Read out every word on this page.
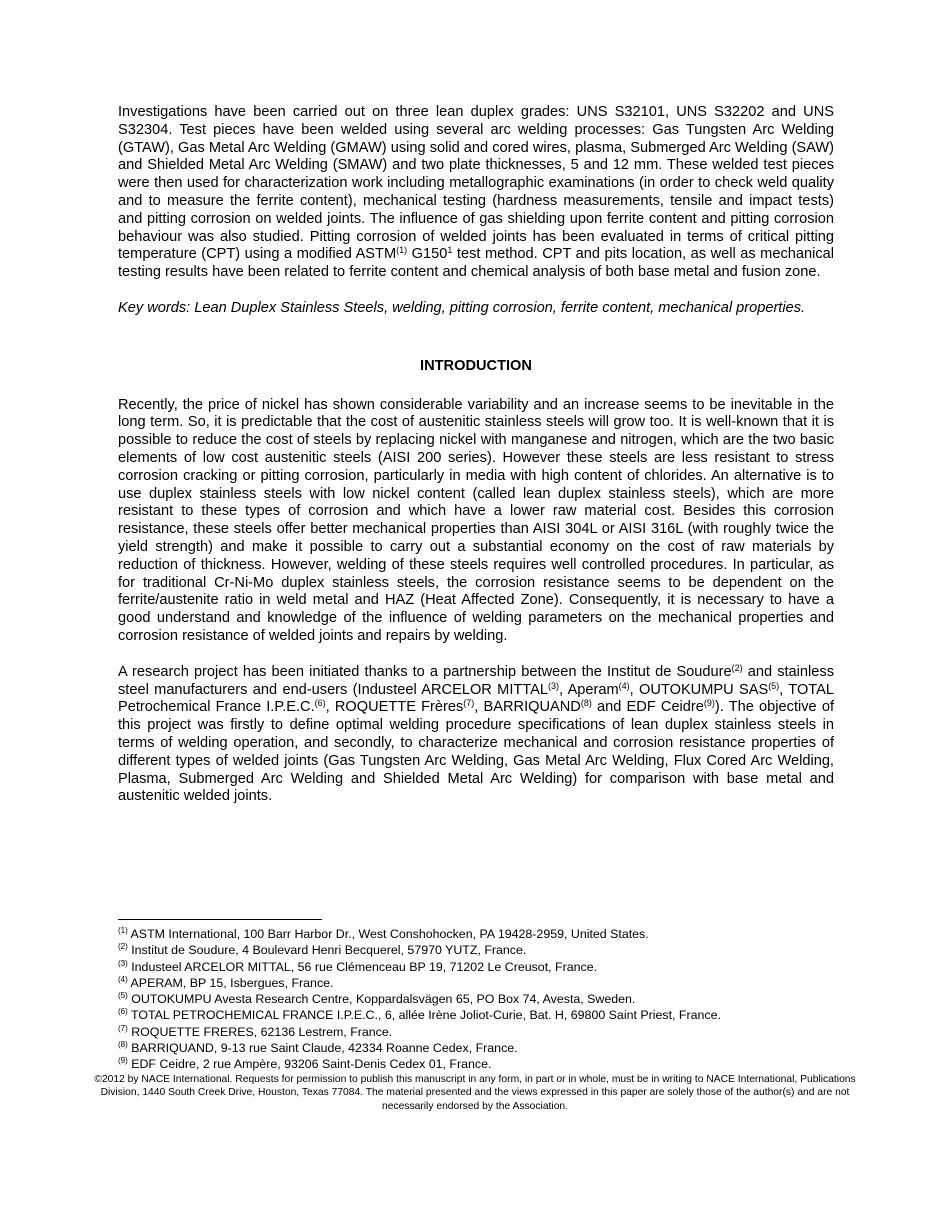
Investigations have been carried out on three lean duplex grades: UNS S32101, UNS S32202 and UNS S32304. Test pieces have been welded using several arc welding processes: Gas Tungsten Arc Welding (GTAW), Gas Metal Arc Welding (GMAW) using solid and cored wires, plasma, Submerged Arc Welding (SAW) and Shielded Metal Arc Welding (SMAW) and two plate thicknesses, 5 and 12 mm. These welded test pieces were then used for characterization work including metallographic examinations (in order to check weld quality and to measure the ferrite content), mechanical testing (hardness measurements, tensile and impact tests) and pitting corrosion on welded joints. The influence of gas shielding upon ferrite content and pitting corrosion behaviour was also studied. Pitting corrosion of welded joints has been evaluated in terms of critical pitting temperature (CPT) using a modified ASTM$^{(1)}$ $G150^1$ test method. CPT and pits location, as well as mechanical testing results have been related to ferrite content and chemical analysis of both base metal and fusion zone.

Key words: Lean Duplex Stainless Steels, welding, pitting corrosion, ferrite content, mechanical properties.

INTRODUCTION

Recently, the price of nickel has shown considerable variability and an increase seems to be inevitable in the long term. So, it is predictable that the cost of austenitic stainless steels will grow too. It is well-known that it is possible to reduce the cost of steels by replacing nickel with manganese and nitrogen, which are the two basic elements of low cost austenitic steels (AISI 200 series). However these steels are less resistant to stress corrosion cracking or pitting corrosion, particularly in media with high content of chlorides. An alternative is to use duplex stainless steels with low nickel content (called lean duplex stainless steels), which are more resistant to these types of corrosion and which have a lower raw material cost. Besides this corrosion resistance, these steels offer better mechanical properties than AISI 304L or AISI 316L (with roughly twice the yield strength) and make it possible to carry out a substantial economy on the cost of raw materials by reduction of thickness. However, welding of these steels requires well controlled procedures. In particular, as for traditional Cr-Ni-Mo duplex stainless steels, the corrosion resistance seems to be dependent on the ferrite/austenite ratio in weld metal and HAZ (Heat Affected Zone). Consequently, it is necessary to have a good understand and knowledge of the influence of welding parameters on the mechanical properties and corrosion resistance of welded joints and repairs by welding.

A research project has been initiated thanks to a partnership between the Institut de Soudure$^{(2)}$ and stainless steel manufacturers and end-users (Industeel ARCELOR MITTAL$^{(3)}$, Aperam$^{(4)}$, OUTOKUMPU SAS$^{(5)}$, TOTAL Petrochemical France I.P.E.C.$^{(6)}$, ROQUETTE Frères$^{(7)}$, BARRIQUAND$^{(8)}$ and EDF Ceidre$^{(9)}$). The objective of this project was firstly to define optimal welding procedure specifications of lean duplex stainless steels in terms of welding operation, and secondly, to characterize mechanical and corrosion resistance properties of different types of welded joints (Gas Tungsten Arc Welding, Gas Metal Arc Welding, Flux Cored Arc Welding, Plasma, Submerged Arc Welding and Shielded Metal Arc Welding) for comparison with base metal and austenitic welded joints.

$^{(1)}$ ASTM International, 100 Barr Harbor Dr., West Conshohocken, PA 19428-2959, United States.
$^{(2)}$ Institut de Soudure, 4 Boulevard Henri Becquerel, 57970 YUTZ, France.
$^{(3)}$ Industeel ARCELOR MITTAL, 56 rue Clémenceau BP 19, 71202 Le Creusot, France.
$^{(4)}$ APERAM, BP 15, Isbergues, France.
$^{(5)}$ OUTOKUMPU Avesta Research Centre, Koppardalsvägen 65, PO Box 74, Avesta, Sweden.
$^{(6)}$ TOTAL PETROCHEMICAL FRANCE I.P.E.C., 6, allée Irène Joliot-Curie, Bat. H, 69800 Saint Priest, France.
$^{(7)}$ ROQUETTE FRERES, 62136 Lestrem, France.
$^{(8)}$ BARRIQUAND, 9-13 rue Saint Claude, 42334 Roanne Cedex, France.
$^{(9)}$ EDF Ceidre, 2 rue Ampère, 93206 Saint-Denis Cedex 01, France.
©2012 by NACE International. Requests for permission to publish this manuscript in any form, in part or in whole, must be in writing to NACE International, Publications Division, 1440 South Creek Drive, Houston, Texas 77084. The material presented and the views expressed in this paper are solely those of the author(s) and are not necessarily endorsed by the Association.
